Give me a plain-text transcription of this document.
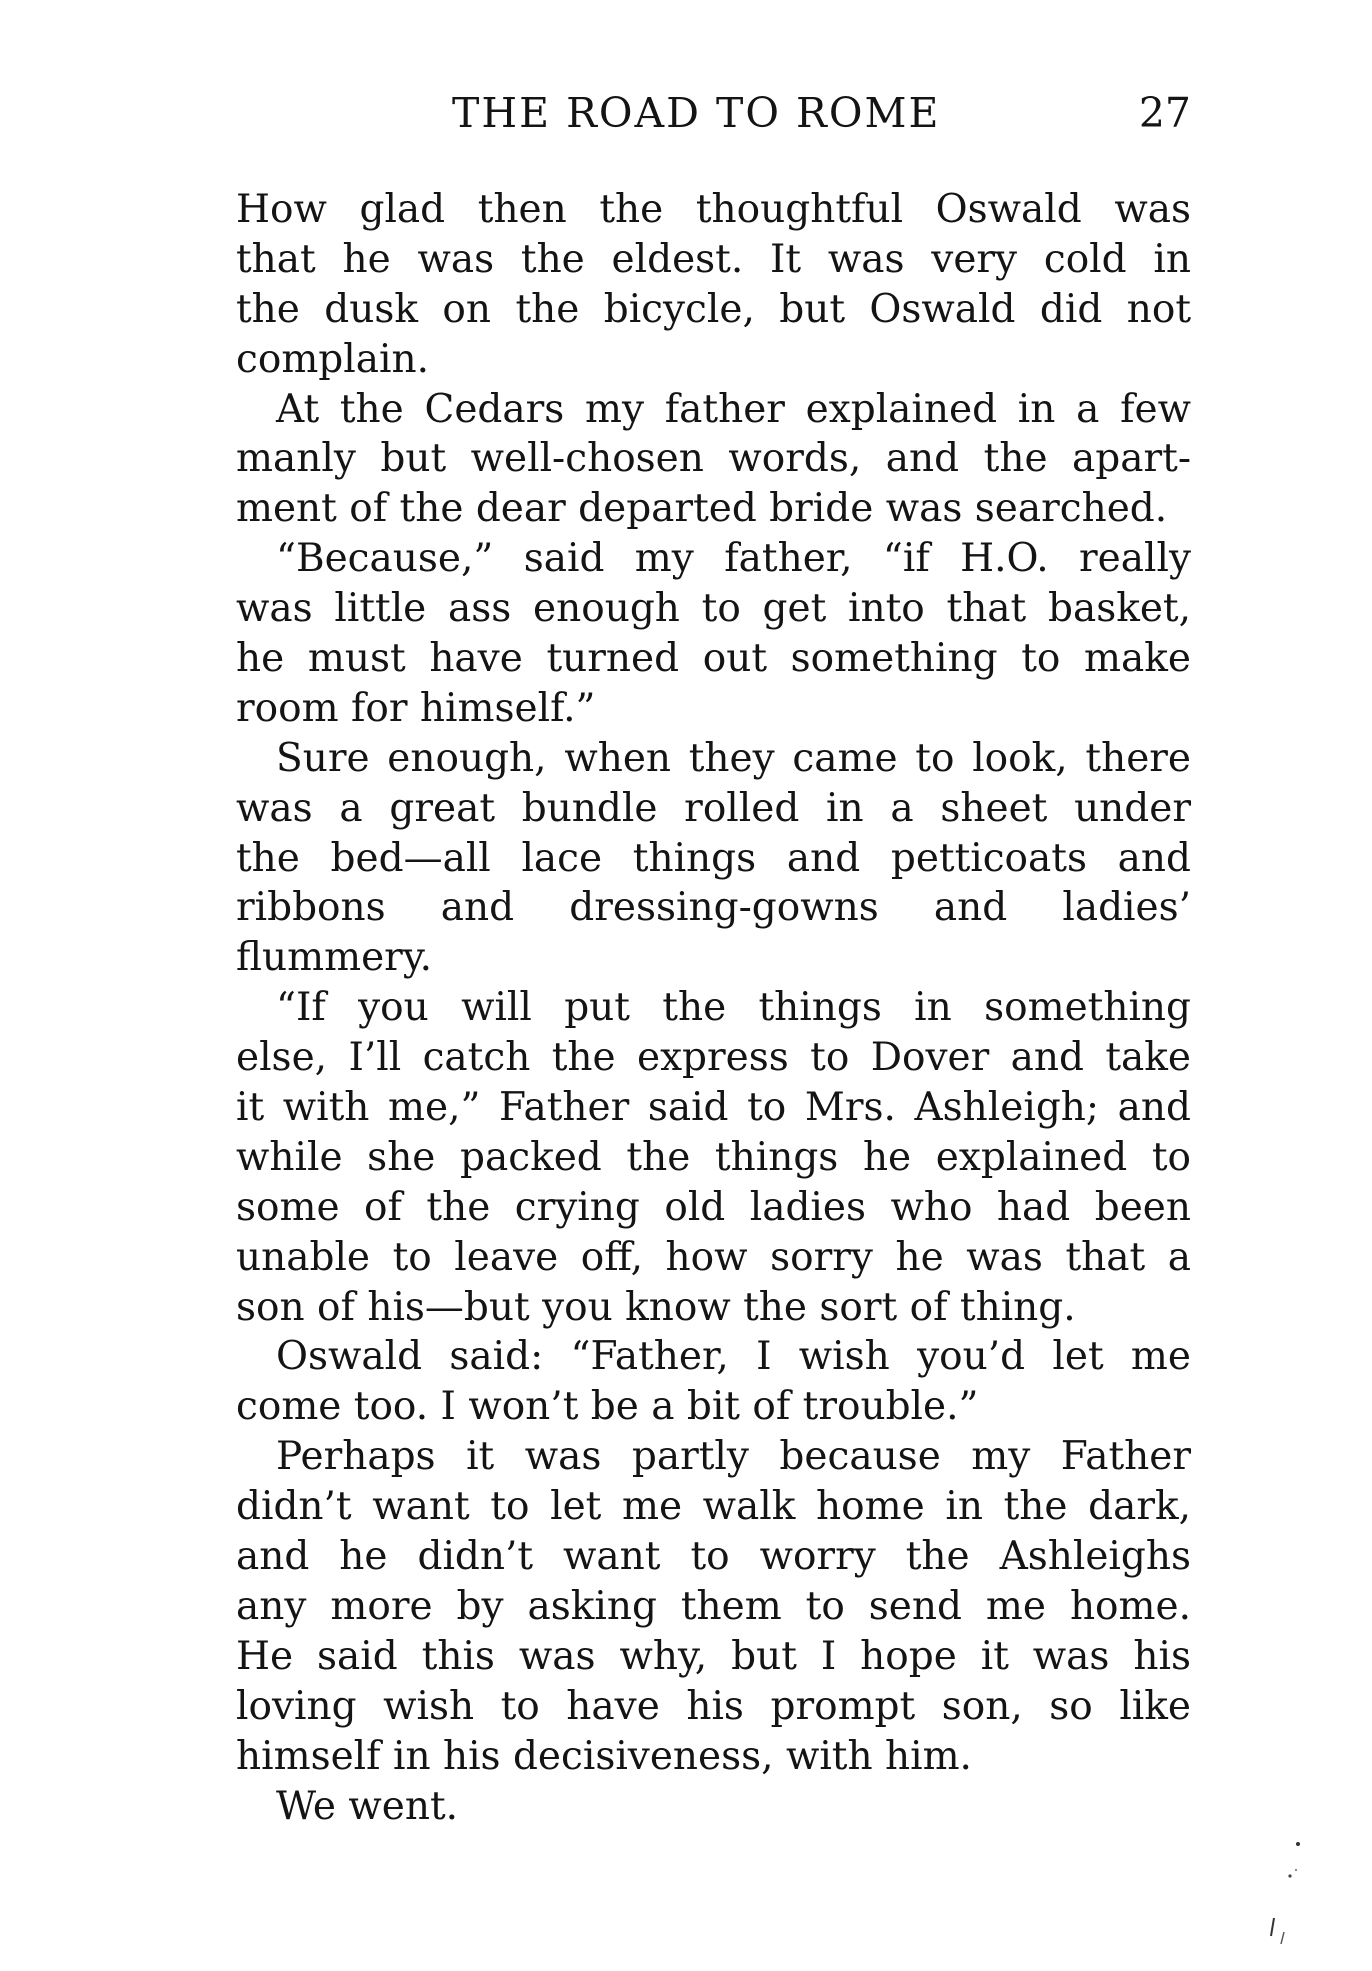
THE ROAD TO ROME	27

How glad then the thoughtful Oswald was
that he was the eldest. It was very cold in
the dusk on the bicycle, but Oswald did not
complain.

At the Cedars my father explained in a few
manly but well-chosen words, and the apart-
ment of the dear departed bride was searched.

“Because,” said my father, “if H.O. really
was little ass enough to get into that basket,
he must have turned out something to make
room for himself.”

Sure enough, when they came to look, there
was a great bundle rolled in a sheet under
the bed—all lace things and petticoats and
ribbons and dressing-gowns and ladies’
flummery.

“If you will put the things in something
else, I’ll catch the express to Dover and take
it with me,” Father said to Mrs. Ashleigh; and
while she packed the things he explained to
some of the crying old ladies who had been
unable to leave off, how sorry he was that a
son of his—but you know the sort of thing.

Oswald said: “Father, I wish you’d let me
come too. I won’t be a bit of trouble.”

Perhaps it was partly because my Father
didn’t want to let me walk home in the dark,
and he didn’t want to worry the Ashleighs
any more by asking them to send me home.
He said this was why, but I hope it was his
loving wish to have his prompt son, so like
himself in his decisiveness, with him.

We went.
